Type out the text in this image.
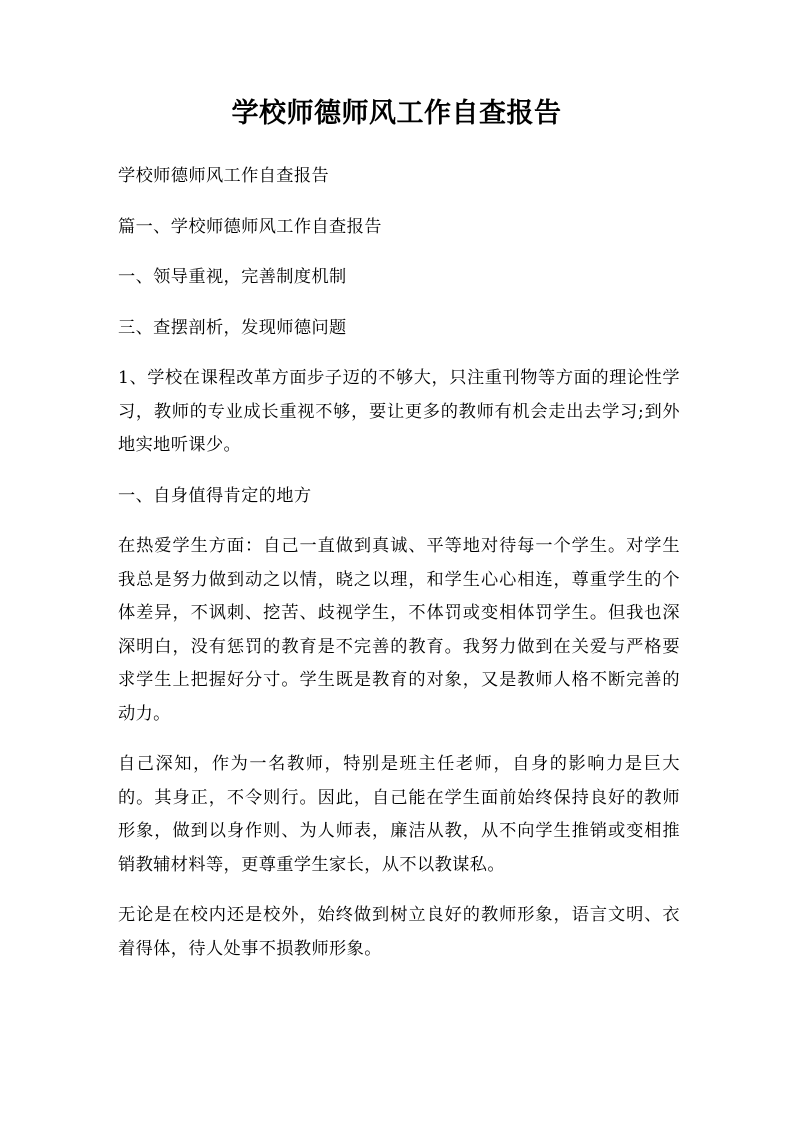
学校师德师风工作自查报告

学校师德师风工作自查报告

篇一、学校师德师风工作自查报告

一、领导重视，完善制度机制

三、查摆剖析，发现师德问题

1、学校在课程改革方面步子迈的不够大，只注重刊物等方面的理论性学习，教师的专业成长重视不够，要让更多的教师有机会走出去学习;到外地实地听课少。

一、自身值得肯定的地方

在热爱学生方面：自己一直做到真诚、平等地对待每一个学生。对学生我总是努力做到动之以情，晓之以理，和学生心心相连，尊重学生的个体差异，不讽刺、挖苦、歧视学生，不体罚或变相体罚学生。但我也深深明白，没有惩罚的教育是不完善的教育。我努力做到在关爱与严格要求学生上把握好分寸。学生既是教育的对象，又是教师人格不断完善的动力。

自己深知，作为一名教师，特别是班主任老师，自身的影响力是巨大的。其身正，不令则行。因此，自己能在学生面前始终保持良好的教师形象，做到以身作则、为人师表，廉洁从教，从不向学生推销或变相推销教辅材料等，更尊重学生家长，从不以教谋私。

无论是在校内还是校外，始终做到树立良好的教师形象，语言文明、衣着得体，待人处事不损教师形象。
